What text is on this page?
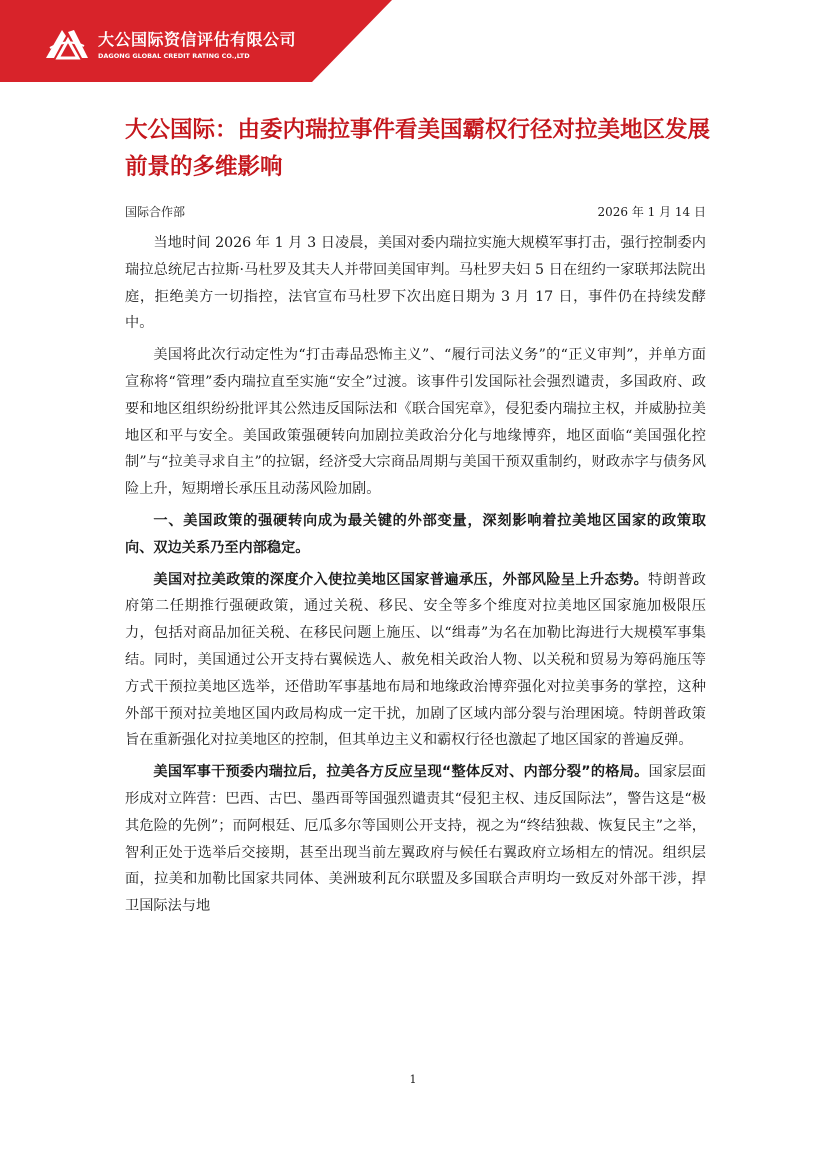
大公国际资信评估有限公司
DAGONG GLOBAL CREDIT RATING CO.,LTD
大公国际：由委内瑞拉事件看美国霸权行径对拉美地区发展前景的多维影响
国际合作部	2026 年 1 月 14 日

当地时间 2026 年 1 月 3 日凌晨，美国对委内瑞拉实施大规模军事打击，强行控制委内瑞拉总统尼古拉斯·马杜罗及其夫人并带回美国审判。马杜罗夫妇 5 日在纽约一家联邦法院出庭，拒绝美方一切指控，法官宣布马杜罗下次出庭日期为 3 月 17 日，事件仍在持续发酵中。

美国将此次行动定性为“打击毒品恐怖主义”、“履行司法义务”的“正义审判”，并单方面宣称将“管理”委内瑞拉直至实施“安全”过渡。该事件引发国际社会强烈谴责，多国政府、政要和地区组织纷纷批评其公然违反国际法和《联合国宪章》，侵犯委内瑞拉主权，并威胁拉美地区和平与安全。美国政策强硬转向加剧拉美政治分化与地缘博弈，地区面临“美国强化控制”与“拉美寻求自主”的拉锯，经济受大宗商品周期与美国干预双重制约，财政赤字与债务风险上升，短期增长承压且动荡风险加剧。

一、美国政策的强硬转向成为最关键的外部变量，深刻影响着拉美地区国家的政策取向、双边关系乃至内部稳定。

美国对拉美政策的深度介入使拉美地区国家普遍承压，外部风险呈上升态势。特朗普政府第二任期推行强硬政策，通过关税、移民、安全等多个维度对拉美地区国家施加极限压力，包括对商品加征关税、在移民问题上施压、以“缉毒”为名在加勒比海进行大规模军事集结。同时，美国通过公开支持右翼候选人、赦免相关政治人物、以关税和贸易为筹码施压等方式干预拉美地区选举，还借助军事基地布局和地缘政治博弈强化对拉美事务的掌控，这种外部干预对拉美地区国内政局构成一定干扰，加剧了区域内部分裂与治理困境。特朗普政策旨在重新强化对拉美地区的控制，但其单边主义和霸权行径也激起了地区国家的普遍反弹。

美国军事干预委内瑞拉后，拉美各方反应呈现“整体反对、内部分裂”的格局。国家层面形成对立阵营：巴西、古巴、墨西哥等国强烈谴责其“侵犯主权、违反国际法”，警告这是“极其危险的先例”；而阿根廷、厄瓜多尔等国则公开支持，视之为“终结独裁、恢复民主”之举，智利正处于选举后交接期，甚至出现当前左翼政府与候任右翼政府立场相左的情况。组织层面，拉美和加勒比国家共同体、美洲玻利瓦尔联盟及多国联合声明均一致反对外部干涉，捍卫国际法与地

1
